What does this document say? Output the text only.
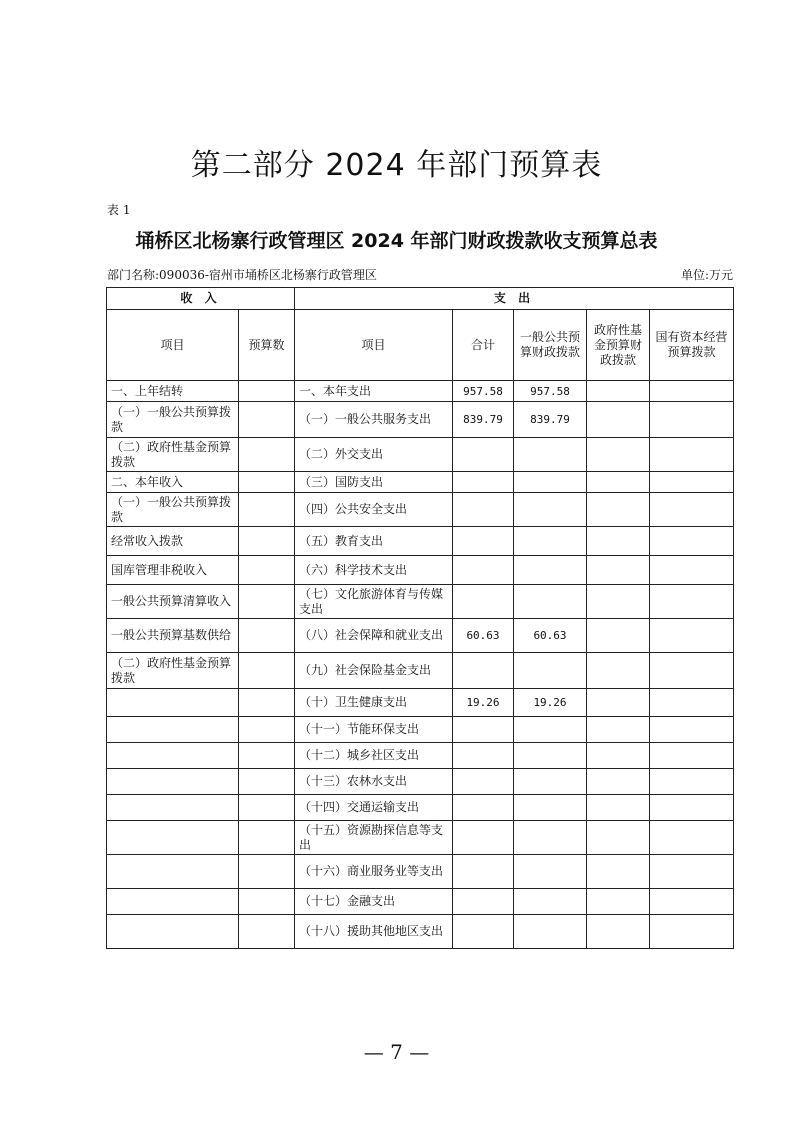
第二部分 2024 年部门预算表
表 1
埇桥区北杨寨行政管理区 2024 年部门财政拨款收支预算总表
部门名称:090036-宿州市埇桥区北杨寨行政管理区	单位:万元
收 入		支 出				
项目	预算数	项目	合计	一般公共预算财政拨款	政府性基金预算财政拨款	国有资本经营预算拨款
一、上年结转		一、本年支出	957.58	957.58		
（一）一般公共预算拨款		（一）一般公共服务支出	839.79	839.79		
（二）政府性基金预算拨款		（二）外交支出				
二、本年收入		（三）国防支出				
（一）一般公共预算拨款		（四）公共安全支出				
经常收入拨款		（五）教育支出				
国库管理非税收入		（六）科学技术支出				
一般公共预算清算收入		（七）文化旅游体育与传媒支出				
一般公共预算基数供给		（八）社会保障和就业支出	60.63	60.63		
（二）政府性基金预算拨款		（九）社会保险基金支出				
		（十）卫生健康支出	19.26	19.26		
		（十一）节能环保支出				
		（十二）城乡社区支出				
		（十三）农林水支出				
		（十四）交通运输支出				
		（十五）资源勘探信息等支出				
		（十六）商业服务业等支出				
		（十七）金融支出				
		（十八）援助其他地区支出				
— 7 —
